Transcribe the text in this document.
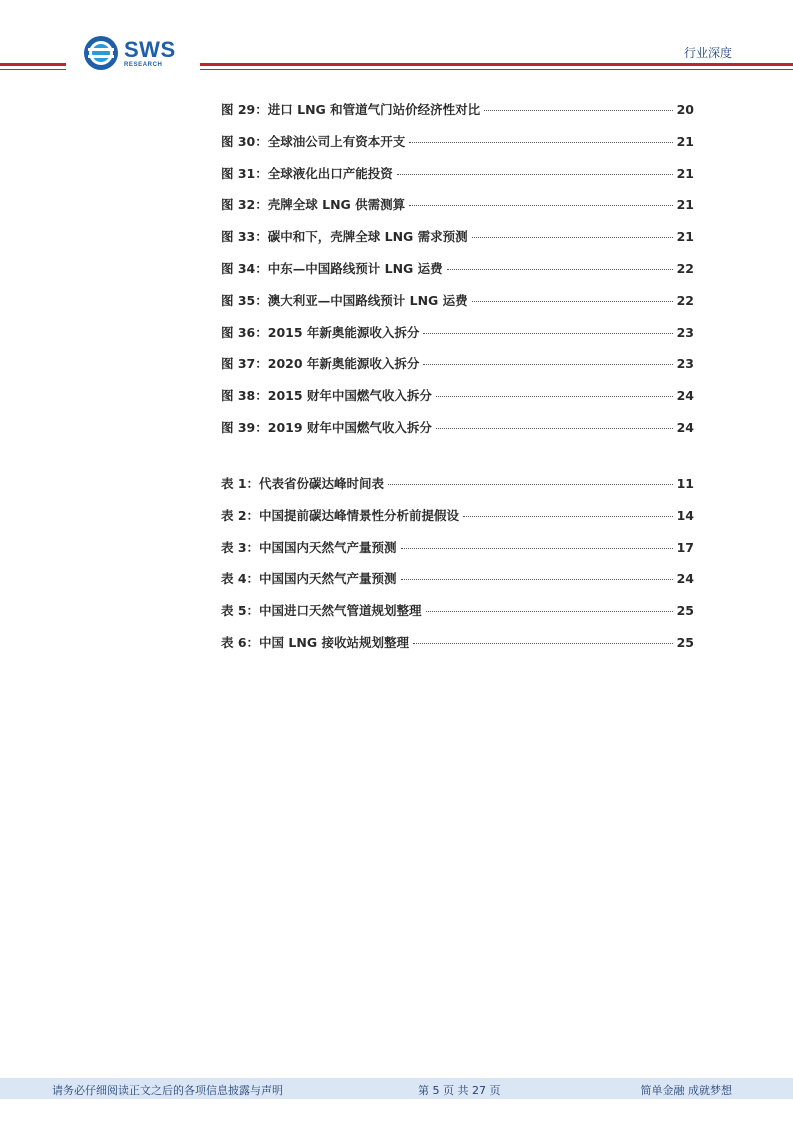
SWS
RESEARCH
行业深度
图 29：进口 LNG 和管道气门站价经济性对比	20
图 30：全球油公司上有资本开支	21
图 31：全球液化出口产能投资	21
图 32：壳牌全球 LNG 供需测算	21
图 33：碳中和下，壳牌全球 LNG 需求预测	21
图 34：中东—中国路线预计 LNG 运费	22
图 35：澳大利亚—中国路线预计 LNG 运费	22
图 36：2015 年新奥能源收入拆分	23
图 37：2020 年新奥能源收入拆分	23
图 38：2015 财年中国燃气收入拆分	24
图 39：2019 财年中国燃气收入拆分	24
表 1：代表省份碳达峰时间表	11
表 2：中国提前碳达峰情景性分析前提假设	14
表 3：中国国内天然气产量预测	17
表 4：中国国内天然气产量预测	24
表 5：中国进口天然气管道规划整理	25
表 6：中国 LNG 接收站规划整理	25
请务必仔细阅读正文之后的各项信息披露与声明	第 5 页 共 27 页	简单金融 成就梦想
